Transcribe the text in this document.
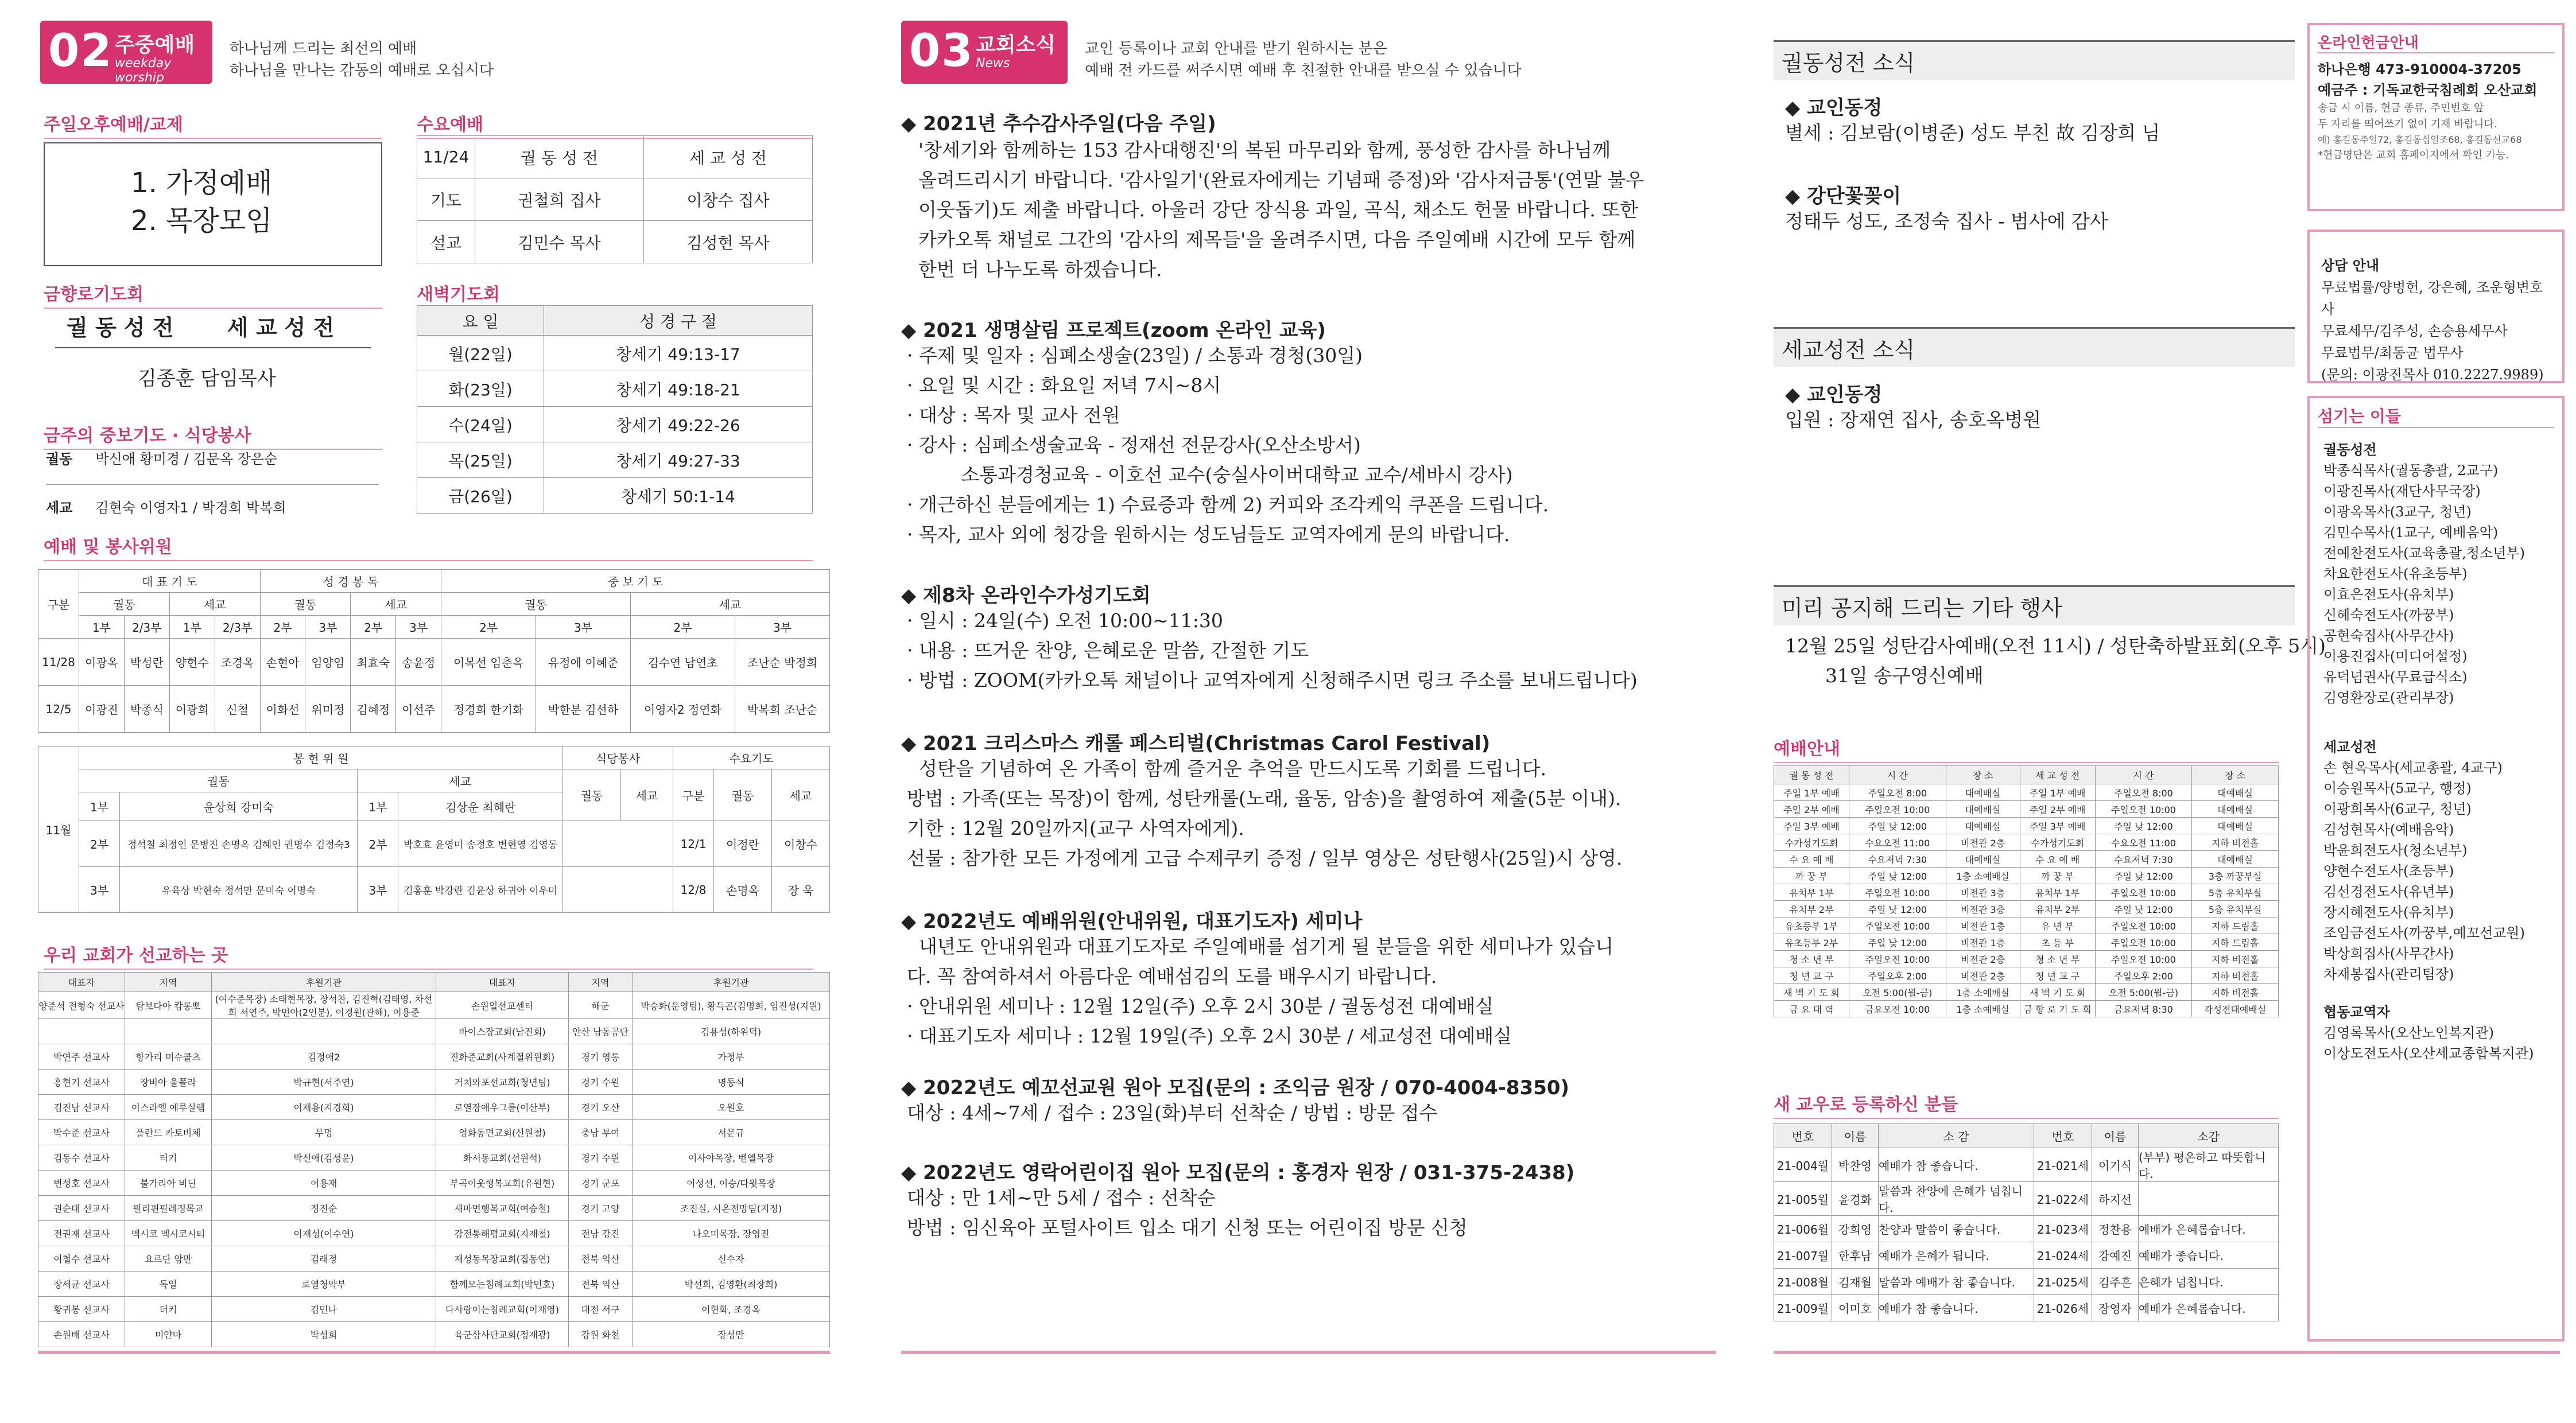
02 주중예배
weekday worship
하나님께 드리는 최선의 예배
하나님을 만나는 감동의 예배로 오십시다
주일오후예배/교제
1. 가정예배
2. 목장모임
수요예배
11/24	궐 동 성 전	세 교 성 전
기도	권철희 집사	이창수 집사
설교	김민수 목사	김성현 목사
금향로기도회
궐 동 성 전 세 교 성 전
김종훈 담임목사
새벽기도회
요 일	성 경 구 절
월(22일)	창세기 49:13-17
화(23일)	창세기 49:18-21
수(24일)	창세기 49:22-26
목(25일)	창세기 49:27-33
금(26일)	창세기 50:1-14
금주의 중보기도 · 식당봉사
궐동 박신애 황미경 / 김문옥 장은순
세교 김현숙 이영자1 / 박경희 박복희
예배 및 봉사위원
구분	대 표 기 도				성 경 봉 독				중 보 기 도			
	궐동		세교		궐동		세교		궐동		세교	
	1부	2/3부	1부	2/3부	2부	3부	2부	3부	2부	3부	2부	3부
11/28	이광옥	박성란	양현수	조경옥	손현아	임양임	최효숙	송윤정	이복선 임춘옥	유정애 이혜준	김수연 남연초	조난순 박정희
12/5	이광진	박종식	이광희	신철	이화선	위미정	김혜정	이선주	정경희 한기화	박한분 김선하	이영자2 정연화	박복희 조난순
11월	봉 헌 위 원				식당봉사		수요기도		
	궐동		세교		궐동	세교	구분	궐동	세교
	1부	윤상희 강미숙	1부	김상운 최혜란					
	2부	정석철 최정인 문병진 손명옥 김혜인 권명수 김정숙3	2부	박호효 윤영미 송정호 변현영 김영동			12/1	이정란	이창수
	3부	유육상 박현숙 정석만 문미숙 이명숙	3부	김홍훈 박강란 김윤상 하귀아 이우미			12/8	손명옥	장 욱
우리 교회가 선교하는 곳
대표자	지역	후원기관	대표자	지역	후원기관
양준석 전형숙 선교사	탐보다아 캄롱뽀	(여수준목장) 소태현목장, 장석찬, 김진혁(김태영, 차선희 서연주, 박민아(2인분), 이경원(관해), 이용준	손원일선교센터	해군	박승화(운영팀), 황득곤(김명희, 임진성(지원)
			바이스장교회(남진회)	안산 남동공단	김용성(하위덕)
박연주 선교사	항가리 미슈콜츠	김정애2	진화준교회(사계절위원회)	경기 영통	가정부
홍현기 선교사	장비아 울폴라	박규현(서주연)	거치와포선교회(청년팀)	경기 수원	명동식
김진남 선교사	이스라엘 예루살렘	이재용(지경희)	로열장애우그룹(이산부)	경기 오산	오원호
박수준 선교사	플란드 카토비체	무명	영화동면교회(신원철)	충남 부여	서문규
김동수 선교사	터키	박신애(김성윤)	화서동교회(선원석)	경기 수원	이사야목장, 벧엘목장
변성호 선교사	불가리아 비딘	이용재	부곡이웃행복교회(유원현)	경기 군포	이성선, 이승/다윗목장
권순대 선교사	필리핀필레정목교	정진순	새마면행복교회(여승철)	경기 고양	조진실, 시온전망팀(지정)
전권재 선교사	멕시코 멕시코시티	이재성(이수연)	감전통해평교회(지재철)	전남 강진	나오미목장, 장영진
이철수 선교사	요르단 암만	김래정	재성동목장교회(집동연)	전북 익산	신수자
장세균 선교사	독일	로열청약부	함께모는침례교회(박민호)	전북 익산	박선희, 김영환(최장희)
황귀봉 선교사	터키	김민나	다사랑이는침례교회(이재영)	대전 서구	이현화, 조경옥
손원배 선교사	미얀마	박성희	육군삼사단교회(정재광)	강원 화천	장성만
03 교회소식
News
교인 등록이나 교회 안내를 받기 원하시는 분은
예배 전 카드를 써주시면 예배 후 친절한 안내를 받으실 수 있습니다
◆ 2021년 추수감사주일(다음 주일)
'창세기와 함께하는 153 감사대행진'의 복된 마무리와 함께, 풍성한 감사를 하나님께
올려드리시기 바랍니다. '감사일기'(완료자에게는 기념패 증정)와 '감사저금통'(연말 불우
이웃돕기)도 제출 바랍니다. 아울러 강단 장식용 과일, 곡식, 채소도 헌물 바랍니다. 또한
카카오톡 채널로 그간의 '감사의 제목들'을 올려주시면, 다음 주일예배 시간에 모두 함께
한번 더 나누도록 하겠습니다.
◆ 2021 생명살림 프로젝트(zoom 온라인 교육)
· 주제 및 일자 : 심폐소생술(23일) / 소통과 경청(30일)
· 요일 및 시간 : 화요일 저녁 7시~8시
· 대상 : 목자 및 교사 전원
· 강사 : 심폐소생술교육 - 정재선 전문강사(오산소방서)
소통과경청교육 - 이호선 교수(숭실사이버대학교 교수/세바시 강사)
· 개근하신 분들에게는 1) 수료증과 함께 2) 커피와 조각케익 쿠폰을 드립니다.
· 목자, 교사 외에 청강을 원하시는 성도님들도 교역자에게 문의 바랍니다.
◆ 제8차 온라인수가성기도회
· 일시 : 24일(수) 오전 10:00~11:30
· 내용 : 뜨거운 찬양, 은혜로운 말씀, 간절한 기도
· 방법 : ZOOM(카카오톡 채널이나 교역자에게 신청해주시면 링크 주소를 보내드립니다)
◆ 2021 크리스마스 캐롤 페스티벌(Christmas Carol Festival)
성탄을 기념하여 온 가족이 함께 즐거운 추억을 만드시도록 기회를 드립니다.
방법 : 가족(또는 목장)이 함께, 성탄캐롤(노래, 율동, 암송)을 촬영하여 제출(5분 이내).
기한 : 12월 20일까지(교구 사역자에게).
선물 : 참가한 모든 가정에게 고급 수제쿠키 증정 / 일부 영상은 성탄행사(25일)시 상영.
◆ 2022년도 예배위원(안내위원, 대표기도자) 세미나
내년도 안내위원과 대표기도자로 주일예배를 섬기게 될 분들을 위한 세미나가 있습니
다. 꼭 참여하셔서 아름다운 예배섬김의 도를 배우시기 바랍니다.
· 안내위원 세미나 : 12월 12일(주) 오후 2시 30분 / 궐동성전 대예배실
· 대표기도자 세미나 : 12월 19일(주) 오후 2시 30분 / 세교성전 대예배실
◆ 2022년도 예꼬선교원 원아 모집(문의 : 조익금 원장 / 070-4004-8350)
대상 : 4세~7세 / 접수 : 23일(화)부터 선착순 / 방법 : 방문 접수
◆ 2022년도 영락어린이집 원아 모집(문의 : 홍경자 원장 / 031-375-2438)
대상 : 만 1세~만 5세 / 접수 : 선착순
방법 : 임신육아 포털사이트 입소 대기 신청 또는 어린이집 방문 신청
궐동성전 소식
◆ 교인동정
별세 : 김보람(이병준) 성도 부친 故 김장희 님
◆ 강단꽃꽂이
정태두 성도, 조정숙 집사 - 범사에 감사
세교성전 소식
◆ 교인동정
입원 : 장재연 집사, 송호옥병원
미리 공지해 드리는 기타 행사
12월 25일 성탄감사예배(오전 11시) / 성탄축하발표회(오후 5시)
31일 송구영신예배
예배안내
궐 동 성 전	시 간	장 소	세 교 성 전	시 간	장 소
주일 1부 예배	주일오전 8:00	대예배실	주일 1부 예배	주일오전 8:00	대예배실
주일 2부 예배	주일오전 10:00	대예배실	주일 2부 예배	주일오전 10:00	대예배실
주일 3부 예배	주일 낮 12:00	대예배실	주일 3부 예배	주일 낮 12:00	대예배실
수가성기도회	수요오전 11:00	비전관 2층	수가성기도회	수요오전 11:00	지하 비전홀
수 요 예 배	수요저녁 7:30	대예배실	수 요 예 배	수요저녁 7:30	대예배실
까 꿍 부	주일 낮 12:00	1층 소예배실	까 꿍 부	주일 낮 12:00	3층 까꿍부실
유치부 1부	주일오전 10:00	비전관 3층	유치부 1부	주일오전 10:00	5층 유치부실
유치부 2부	주일 낮 12:00	비전관 3층	유치부 2부	주일 낮 12:00	5층 유치부실
유초등부 1부	주일오전 10:00	비전관 1층	유 년 부	주일오전 10:00	지하 드림홀
유초등부 2부	주일 낮 12:00	비전관 1층	초 등 부	주일오전 10:00	지하 드림홀
청 소 년 부	주일오전 10:00	비전관 2층	청 소 년 부	주일오전 10:00	지하 비전홀
청 년 교 구	주일오후 2:00	비전관 2층	청 년 교 구	주일오후 2:00	지하 비전홀
새 벽 기 도 회	오전 5:00(월-금)	1층 소예배실	새 벽 기 도 회	오전 5:00(월-금)	지하 비전홀
금 요 대 력	금요오전 10:00	1층 소예배실	금 향 로 기 도 회	금요저녁 8:30	각성전대예배실
새 교우로 등록하신 분들
번호	이름	소 감	번호	이름	소감
21-004월	박찬영	예배가 참 좋습니다.	21-021세	이기식	(부부) 평온하고 따뜻합니다.
21-005월	윤경화	말씀과 찬양에 은혜가 넘칩니다.	21-022세	하지선	
21-006월	강희영	찬양과 말씀이 좋습니다.	21-023세	정찬용	예배가 은혜롭습니다.
21-007월	한후남	예배가 은혜가 됩니다.	21-024세	강예진	예배가 좋습니다.
21-008월	김재월	말씀과 예배가 참 좋습니다.	21-025세	김주흔	은혜가 넘칩니다.
21-009월	이미호	예배가 참 좋습니다.	21-026세	장영자	예배가 은혜롭습니다.
온라인헌금안내

하나은행 473-910004-37205

예금주 : 기독교한국침례회 오산교회

송금 시 이름, 헌금 종류, 주민번호 앞

두 자리를 띄어쓰기 없이 기재 바랍니다.

예) 홍길동주일72, 홍길동십일조68, 홍길동선교68

*헌금명단은 교회 홈페이지에서 확인 가능.

상담 안내

무료법률/양병헌, 강은혜, 조운형변호사

무료세무/김주성, 손승용세무사

무료법무/최동균 법무사

(문의: 이광진목사 010.2227.9989)

섬기는 이들

궐동성전

박종식목사(궐동총괄, 2교구)

이광진목사(재단사무국장)

이광옥목사(3교구, 청년)

김민수목사(1교구, 예배음악)

전예찬전도사(교육총괄,청소년부)

차요한전도사(유초등부)

이효은전도사(유치부)

신혜숙전도사(까꿍부)

공현숙집사(사무간사)

이용진집사(미디어설정)

유덕념권사(무료급식소)

김영환장로(관리부장)

세교성전

손 현옥목사(세교총괄, 4교구)

이승원목사(5교구, 행정)

이광희목사(6교구, 청년)

김성현목사(예배음악)

박윤희전도사(청소년부)

양현수전도사(초등부)

김선경전도사(유년부)

장지혜전도사(유치부)

조임금전도사(까꿍부,예꼬선교원)

박상희집사(사무간사)

차재봉집사(관리팀장)

협동교역자

김영록목사(오산노인복지관)

이상도전도사(오산세교종합복지관)
